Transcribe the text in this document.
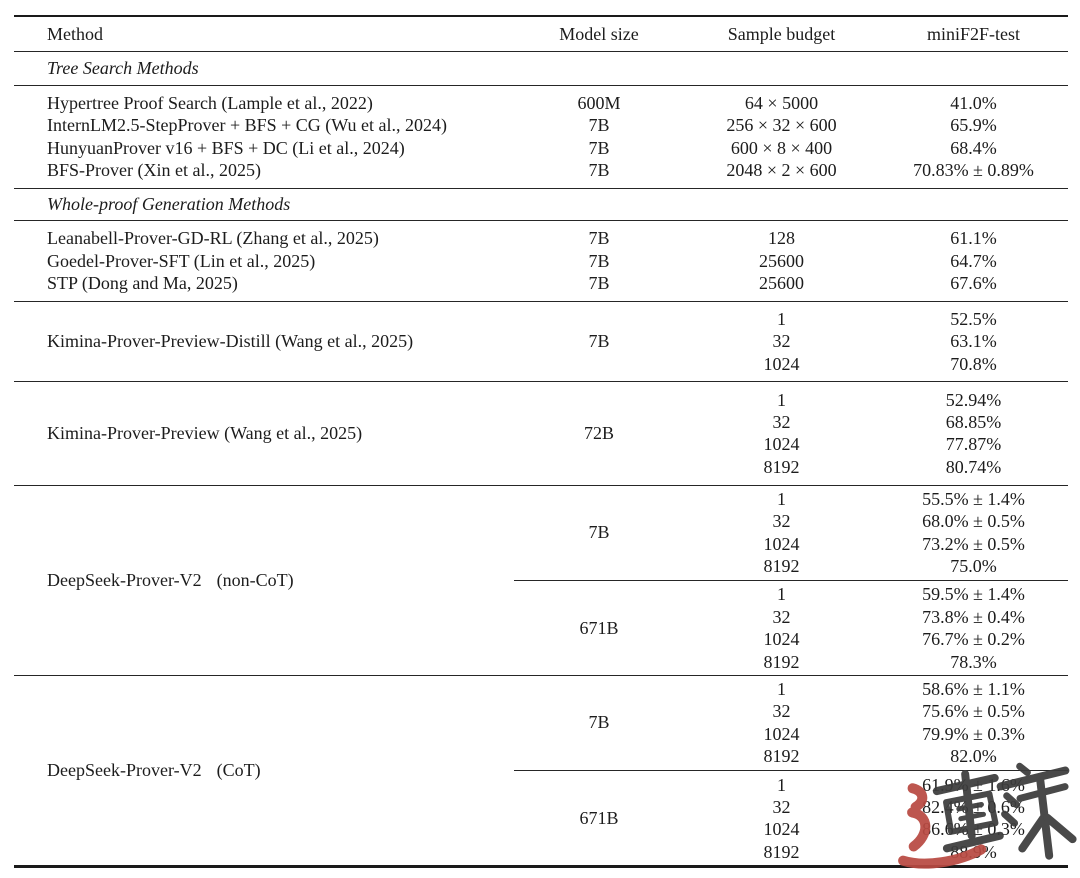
Method	Model size	Sample budget	miniF2F-test
Tree Search Methods
Hypertree Proof Search (Lample et al., 2022)	600M	64 × 5000	41.0%
InternLM2.5-StepProver + BFS + CG (Wu et al., 2024)	7B	256 × 32 × 600	65.9%
HunyuanProver v16 + BFS + DC (Li et al., 2024)	7B	600 × 8 × 400	68.4%
BFS-Prover (Xin et al., 2025)	7B	2048 × 2 × 600	70.83% ± 0.89%
Whole-proof Generation Methods
Leanabell-Prover-GD-RL (Zhang et al., 2025)	7B	128	61.1%
Goedel-Prover-SFT (Lin et al., 2025)	7B	25600	64.7%
STP (Dong and Ma, 2025)	7B	25600	67.6%
Kimina-Prover-Preview-Distill (Wang et al., 2025)	7B
1	52.5%
32	63.1%
1024	70.8%
Kimina-Prover-Preview (Wang et al., 2025)	72B
1	52.94%
32	68.85%
1024	77.87%
8192	80.74%
DeepSeek-Prover-V2 (non-CoT)
7B
1	55.5% ± 1.4%
32	68.0% ± 0.5%
1024	73.2% ± 0.5%
8192	75.0%
671B
1	59.5% ± 1.4%
32	73.8% ± 0.4%
1024	76.7% ± 0.2%
8192	78.3%
DeepSeek-Prover-V2 (CoT)
7B
1	58.6% ± 1.1%
32	75.6% ± 0.5%
1024	79.9% ± 0.3%
8192	82.0%
671B
1	61.9% ± 1.6%
32	82.4% ± 0.6%
1024	86.6% ± 0.3%
8192	88.9%
